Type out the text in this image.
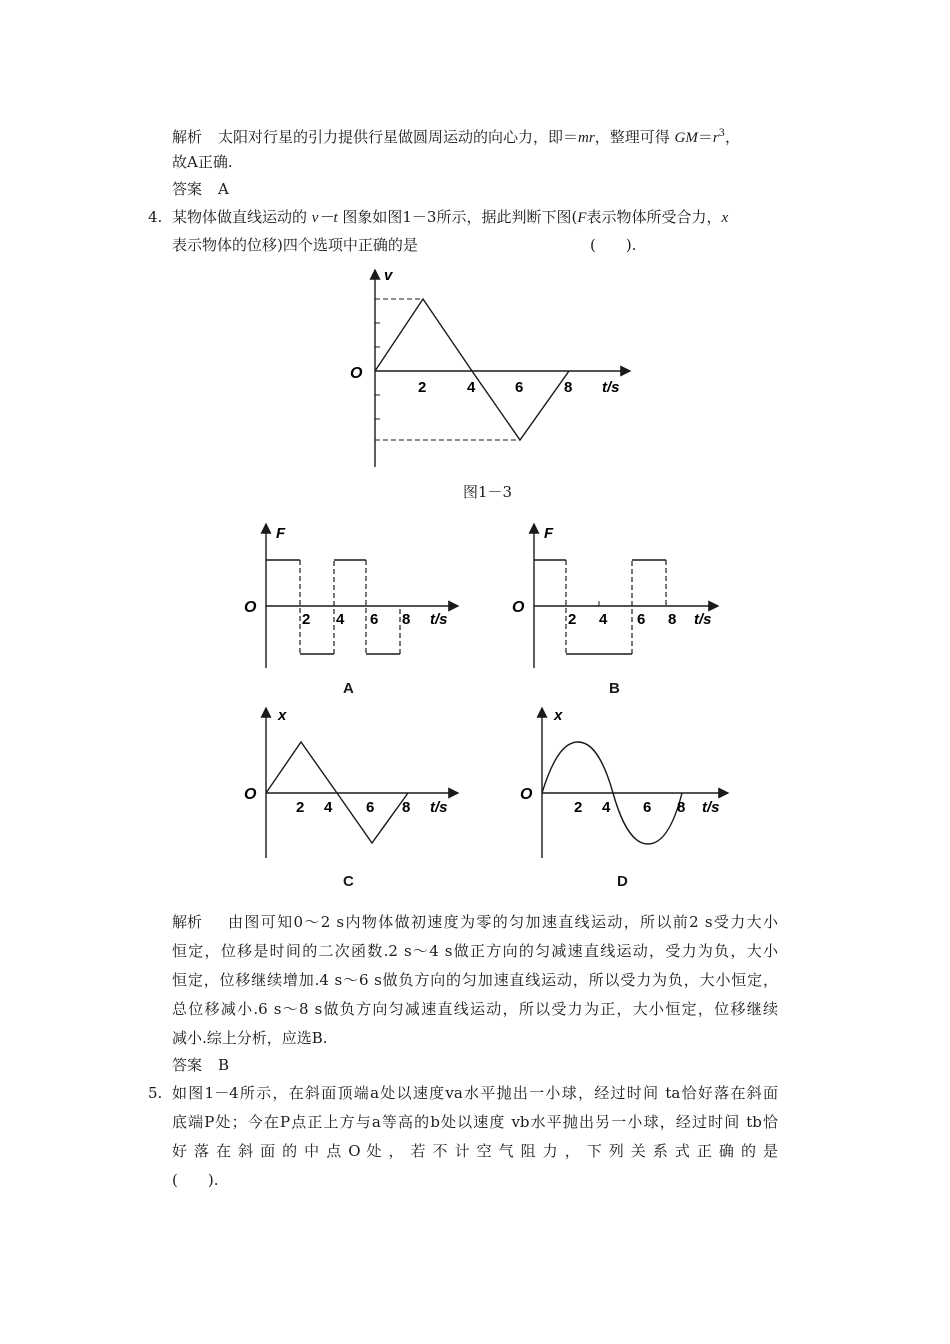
解析 太阳对行星的引力提供行星做圆周运动的向心力，即＝mr，整理可得 $GM=r^3$，
故A正确.
答案 A
4. 某物体做直线运动的 v－t 图象如图1－3所示，据此判断下图(F表示物体所受合力，x
表示物体的位移)四个选项中正确的是	(　　).
v
O
2	4	6	8 t/s
图1－3
F
O
2 4 6 8 t/s
A
F
O
2 4 6 8 t/s
B
x
O
2 4 6 8 t/s
C
x
O
2 4 6 8 t/s
D
解析 由图可知0～2 s内物体做初速度为零的匀加速直线运动，所以前2 s受力大小
恒定，位移是时间的二次函数.2 s～4 s做正方向的匀减速直线运动，受力为负，大小
恒定，位移继续增加.4 s～6 s做负方向的匀加速直线运动，所以受力为负，大小恒定，
总位移减小.6 s～8 s做负方向匀减速直线运动，所以受力为正，大小恒定，位移继续
减小.综上分析，应选B.
答案 B
5. 如图1－4所示，在斜面顶端a处以速度va水平抛出一小球，经过时间 ta恰好落在斜面
底端P处；今在P点正上方与a等高的b处以速度 vb水平抛出另一小球，经过时间 tb恰
好 落 在 斜 面 的 中 点 O 处 ， 若 不 计 空 气 阻 力 ， 下 列 关 系 式 正 确 的 是
(　　).
